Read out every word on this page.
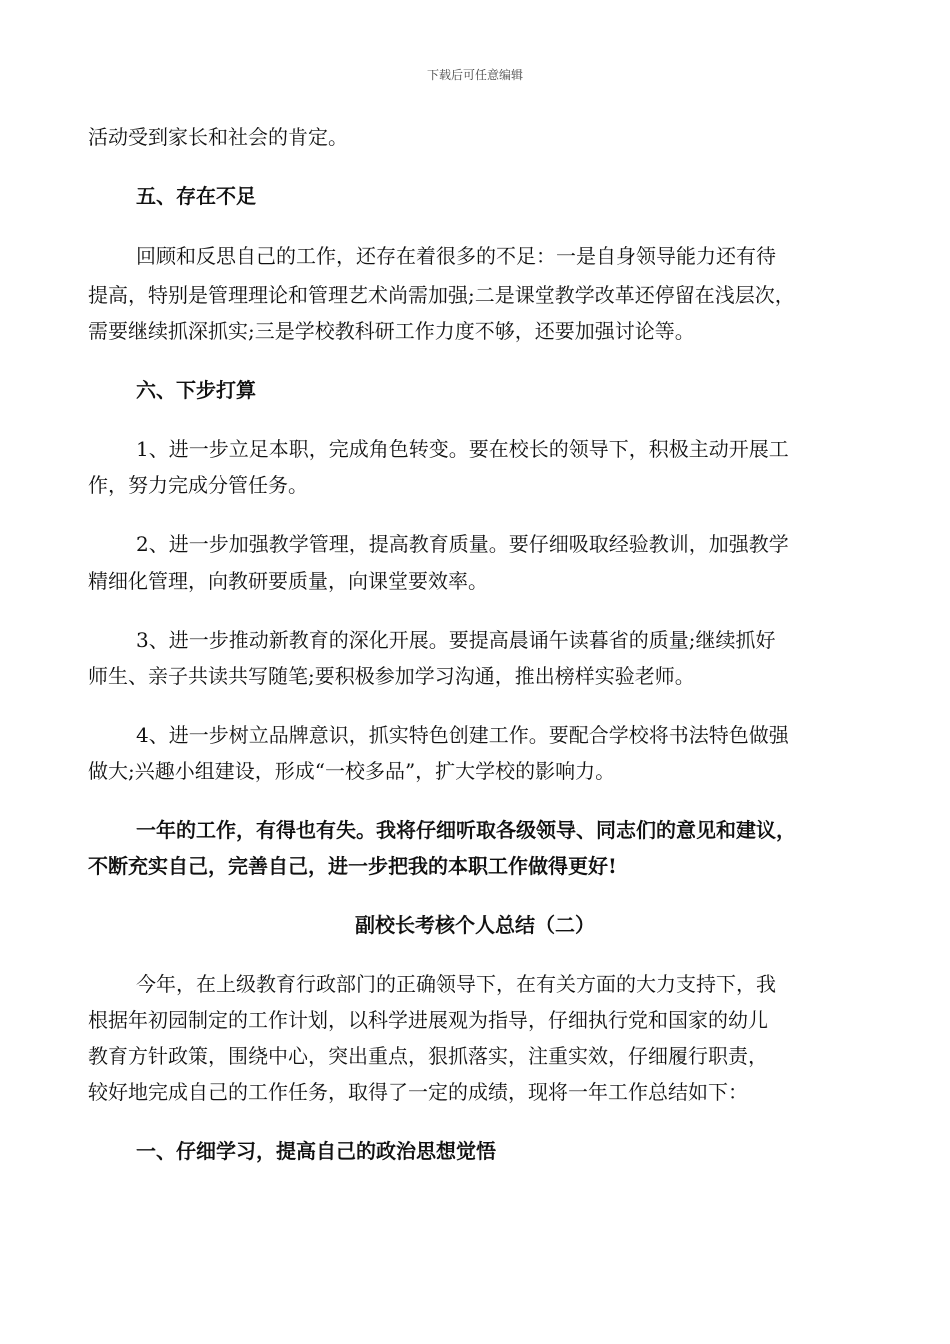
下载后可任意编辑
活动受到家长和社会的肯定。
五、存在不足
回顾和反思自己的工作，还存在着很多的不足：一是自身领导能力还有待
提高，特别是管理理论和管理艺术尚需加强;二是课堂教学改革还停留在浅层次，
需要继续抓深抓实;三是学校教科研工作力度不够，还要加强讨论等。
六、下步打算
1、进一步立足本职，完成角色转变。要在校长的领导下，积极主动开展工
作，努力完成分管任务。
2、进一步加强教学管理，提高教育质量。要仔细吸取经验教训，加强教学
精细化管理，向教研要质量，向课堂要效率。
3、进一步推动新教育的深化开展。要提高晨诵午读暮省的质量;继续抓好
师生、亲子共读共写随笔;要积极参加学习沟通，推出榜样实验老师。
4、进一步树立品牌意识，抓实特色创建工作。要配合学校将书法特色做强
做大;兴趣小组建设，形成“一校多品”，扩大学校的影响力。
一年的工作，有得也有失。我将仔细听取各级领导、同志们的意见和建议，
不断充实自己，完善自己，进一步把我的本职工作做得更好!
副校长考核个人总结（二）
今年，在上级教育行政部门的正确领导下，在有关方面的大力支持下，我
根据年初园制定的工作计划，以科学进展观为指导，仔细执行党和国家的幼儿
教育方针政策，围绕中心，突出重点，狠抓落实，注重实效，仔细履行职责，
较好地完成自己的工作任务，取得了一定的成绩，现将一年工作总结如下：
一、仔细学习，提高自己的政治思想觉悟
